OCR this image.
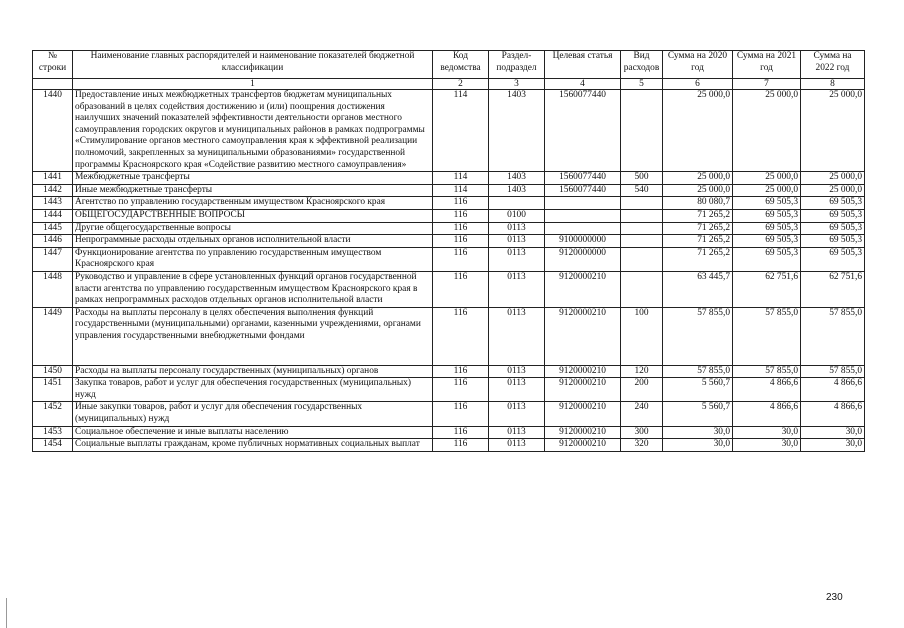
№ строки	Наименование главных распорядителей и наименование показателей бюджетной классификации	Код ведомства	Раздел-подраздел	Целевая статья	Вид расходов	Сумма на 2020 год	Сумма на 2021 год	Сумма на 2022 год
	1	2	3	4	5	6	7	8
1440	Предоставление иных межбюджетных трансфертов бюджетам муниципальных образований в целях содействия достижению и (или) поощрения достижения наилучших значений показателей эффективности деятельности органов местного самоуправления городских округов и муниципальных районов в рамках подпрограммы «Стимулирование органов местного самоуправления края к эффективной реализации полномочий, закрепленных за муниципальными образованиями» государственной программы Красноярского края «Содействие развитию местного самоуправления»	114	1403	1560077440		25 000,0	25 000,0	25 000,0
1441	Межбюджетные трансферты	114	1403	1560077440	500	25 000,0	25 000,0	25 000,0
1442	Иные межбюджетные трансферты	114	1403	1560077440	540	25 000,0	25 000,0	25 000,0
1443	Агентство по управлению государственным имуществом Красноярского края	116				80 080,7	69 505,3	69 505,3
1444	ОБЩЕГОСУДАРСТВЕННЫЕ ВОПРОСЫ	116	0100			71 265,2	69 505,3	69 505,3
1445	Другие общегосударственные вопросы	116	0113			71 265,2	69 505,3	69 505,3
1446	Непрограммные расходы отдельных органов исполнительной власти	116	0113	9100000000		71 265,2	69 505,3	69 505,3
1447	Функционирование агентства по управлению государственным имуществом Красноярского края	116	0113	9120000000		71 265,2	69 505,3	69 505,3
1448	Руководство и управление в сфере установленных функций органов государственной власти агентства по управлению государственным имуществом Красноярского края в рамках непрограммных расходов отдельных органов исполнительной власти	116	0113	9120000210		63 445,7	62 751,6	62 751,6
1449	Расходы на выплаты персоналу в целях обеспечения выполнения функций государственными (муниципальными) органами, казенными учреждениями, органами управления государственными внебюджетными фондами	116	0113	9120000210	100	57 855,0	57 855,0	57 855,0
1450	Расходы на выплаты персоналу государственных (муниципальных) органов	116	0113	9120000210	120	57 855,0	57 855,0	57 855,0
1451	Закупка товаров, работ и услуг для обеспечения государственных (муниципальных) нужд	116	0113	9120000210	200	5 560,7	4 866,6	4 866,6
1452	Иные закупки товаров, работ и услуг для обеспечения государственных (муниципальных) нужд	116	0113	9120000210	240	5 560,7	4 866,6	4 866,6
1453	Социальное обеспечение и иные выплаты населению	116	0113	9120000210	300	30,0	30,0	30,0
1454	Социальные выплаты гражданам, кроме публичных нормативных социальных выплат	116	0113	9120000210	320	30,0	30,0	30,0
230
